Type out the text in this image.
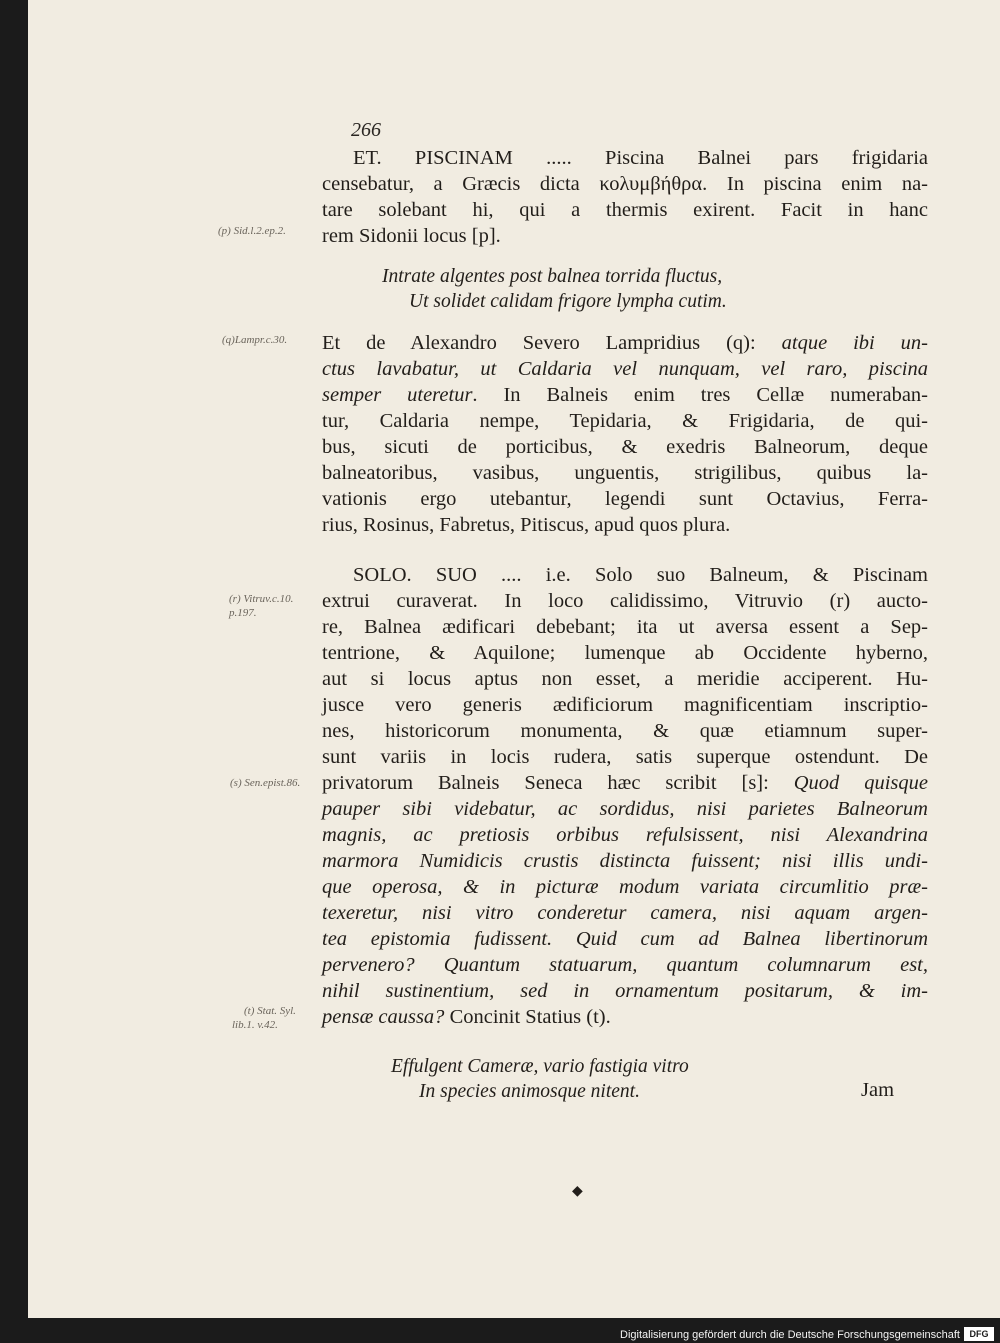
266
ET. PISCINAM ..... Piscina Balnei pars frigidaria
censebatur, a Græcis dicta κολυμβήθρα. In piscina enim na-
tare solebant hi, qui a thermis exirent. Facit in hanc
rem Sidonii locus [p].
Intrate algentes post balnea torrida fluctus,
Ut solidet calidam frigore lympha cutim.
Et de Alexandro Severo Lampridius (q): atque ibi un-
ctus lavabatur, ut Caldaria vel nunquam, vel raro, piscina
semper uteretur. In Balneis enim tres Cellæ numeraban-
tur, Caldaria nempe, Tepidaria, & Frigidaria, de qui-
bus, sicuti de porticibus, & exedris Balneorum, deque
balneatoribus, vasibus, unguentis, strigilibus, quibus la-
vationis ergo utebantur, legendi sunt Octavius, Ferra-
rius, Rosinus, Fabretus, Pitiscus, apud quos plura.
SOLO. SUO .... i.e. Solo suo Balneum, & Piscinam
extrui curaverat. In loco calidissimo, Vitruvio (r) aucto-
re, Balnea ædificari debebant; ita ut aversa essent a Sep-
tentrione, & Aquilone; lumenque ab Occidente hyberno,
aut si locus aptus non esset, a meridie acciperent. Hu-
jusce vero generis ædificiorum magnificentiam inscriptio-
nes, historicorum monumenta, & quæ etiamnum super-
sunt variis in locis rudera, satis superque ostendunt. De
privatorum Balneis Seneca hæc scribit [s]: Quod quisque
pauper sibi videbatur, ac sordidus, nisi parietes Balneorum
magnis, ac pretiosis orbibus refulsissent, nisi Alexandrina
marmora Numidicis crustis distincta fuissent; nisi illis undi-
que operosa, & in picturæ modum variata circumlitio præ-
texeretur, nisi vitro conderetur camera, nisi aquam argen-
tea epistomia fudissent. Quid cum ad Balnea libertinorum
pervenero? Quantum statuarum, quantum columnarum est,
nihil sustinentium, sed in ornamentum positarum, & im-
pensæ caussa? Concinit Statius (t).
Effulgent Cameræ, vario fastigia vitro
In species animosque nitent.	Jam
(p) Sid.l.2.ep.2.
(q)Lampr.c.30.
(r) Vitruv.c.10.
p.197.
(s) Sen.epist.86.
(t) Stat. Syl.
lib.1. v.42.
◆
Digitalisierung gefördert durch die Deutsche Forschungsgemeinschaft	DFG
